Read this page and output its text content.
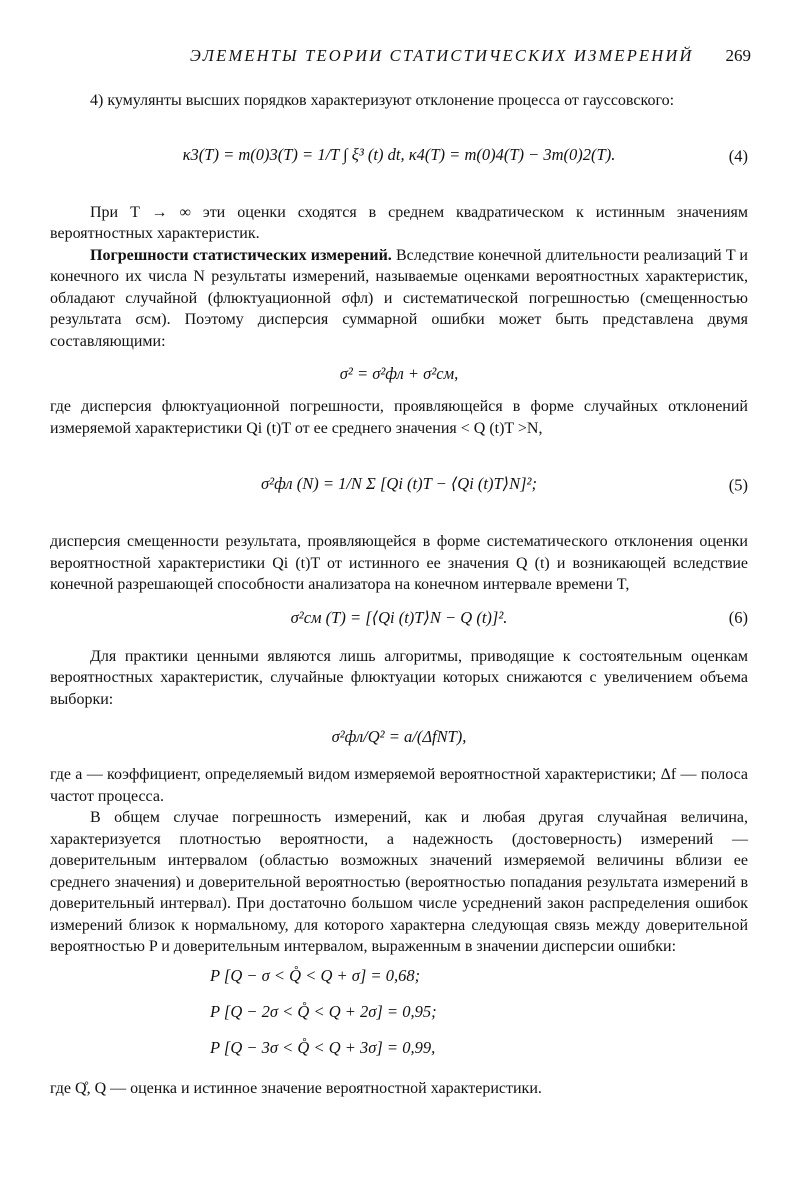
ЭЛЕМЕНТЫ ТЕОРИИ СТАТИСТИЧЕСКИХ ИЗМЕРЕНИЙ 269

4) кумулянты высших порядков характеризуют отклонение процесса от гауссовского:

κ3(T) = m(0)3(T) = 1/T ∫ ξ³ (t) dt, κ4(T) = m(0)4(T) − 3m(0)2(T).	(4)

При T → ∞ эти оценки сходятся в среднем квадратическом к истинным значениям вероятностных характеристик.

Погрешности статистических измерений. Вследствие конечной длительности реализаций T и конечного их числа N результаты измерений, называемые оценками вероятностных характеристик, обладают случайной (флюктуационной σфл) и систематической погрешностью (смещенностью результата σсм). Поэтому дисперсия суммарной ошибки может быть представлена двумя составляющими:

σ² = σ²фл + σ²см,

где дисперсия флюктуационной погрешности, проявляющейся в форме случайных отклонений измеряемой характеристики Qi (t)T от ее среднего значения < Q (t)T >N,

σ²фл (N) = 1/N Σ [Qi (t)T − ⟨Qi (t)T⟩N]²;	(5)

дисперсия смещенности результата, проявляющейся в форме систематического отклонения оценки вероятностной характеристики Qi (t)T от истинного ее значения Q (t) и возникающей вследствие конечной разрешающей способности анализатора на конечном интервале времени T,

σ²см (T) = [⟨Qi (t)T⟩N − Q (t)]².	(6)

Для практики ценными являются лишь алгоритмы, приводящие к состоятельным оценкам вероятностных характеристик, случайные флюктуации которых снижаются с увеличением объема выборки:

σ²фл/Q² = a/(ΔfNT),

где a — коэффициент, определяемый видом измеряемой вероятностной характеристики; Δf — полоса частот процесса.

В общем случае погрешность измерений, как и любая другая случайная величина, характеризуется плотностью вероятности, а надежность (достоверность) измерений — доверительным интервалом (областью возможных значений измеряемой величины вблизи ее среднего значения) и доверительной вероятностью (вероятностью попадания результата измерений в доверительный интервал). При достаточно большом числе усреднений закон распределения ошибок измерений близок к нормальному, для которого характерна следующая связь между доверительной вероятностью P и доверительным интервалом, выраженным в значении дисперсии ошибки:

P [Q − σ < Q̊ < Q + σ] = 0,68;
P [Q − 2σ < Q̊ < Q + 2σ] = 0,95;
P [Q − 3σ < Q̊ < Q + 3σ] = 0,99,

где Q̊, Q — оценка и истинное значение вероятностной характеристики.
